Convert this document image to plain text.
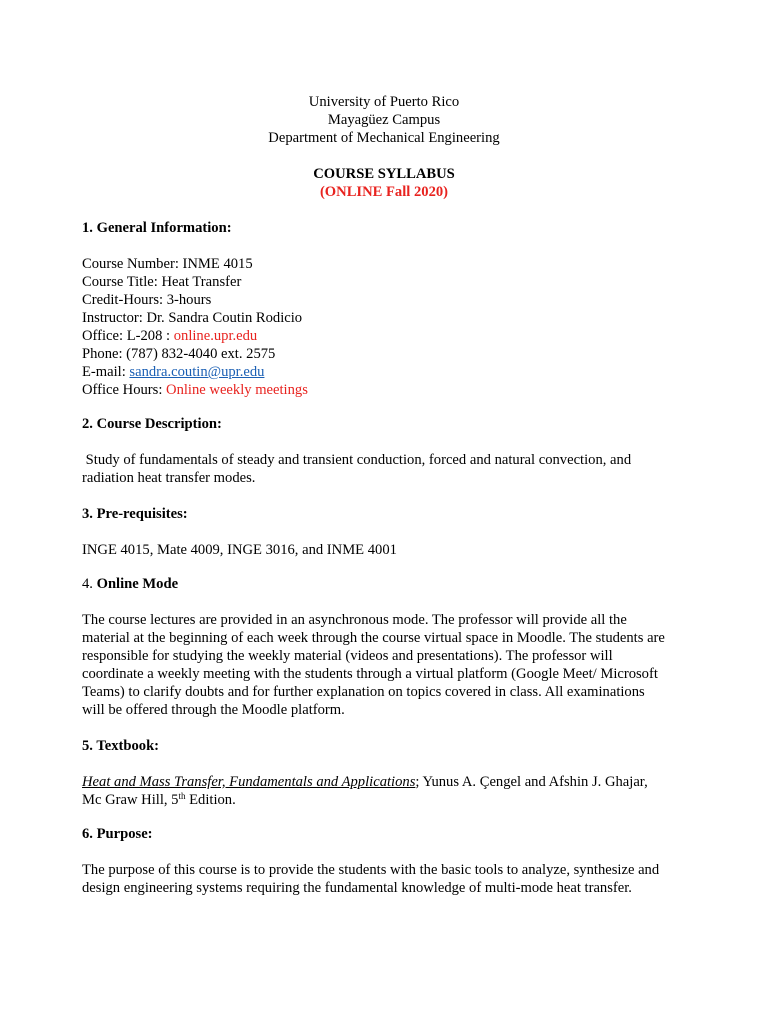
University of Puerto Rico
Mayagüez Campus
Department of Mechanical Engineering
COURSE SYLLABUS
(ONLINE Fall 2020)
1. General Information:
Course Number: INME 4015
Course Title: Heat Transfer
Credit-Hours: 3-hours
Instructor: Dr. Sandra Coutin Rodicio
Office: L-208 : online.upr.edu
Phone: (787) 832-4040 ext. 2575
E-mail: sandra.coutin@upr.edu
Office Hours: Online weekly meetings
2. Course Description:
Study of fundamentals of steady and transient conduction, forced and natural convection, and
radiation heat transfer modes.
3. Pre-requisites:
INGE 4015, Mate 4009, INGE 3016, and INME 4001
4. Online Mode
The course lectures are provided in an asynchronous mode. The professor will provide all the
material at the beginning of each week through the course virtual space in Moodle. The students are
responsible for studying the weekly material (videos and presentations). The professor will
coordinate a weekly meeting with the students through a virtual platform (Google Meet/ Microsoft
Teams) to clarify doubts and for further explanation on topics covered in class. All examinations
will be offered through the Moodle platform.
5. Textbook:
Heat and Mass Transfer, Fundamentals and Applications; Yunus A. Çengel and Afshin J. Ghajar,
Mc Graw Hill, 5th Edition.
6. Purpose:
The purpose of this course is to provide the students with the basic tools to analyze, synthesize and
design engineering systems requiring the fundamental knowledge of multi-mode heat transfer.
